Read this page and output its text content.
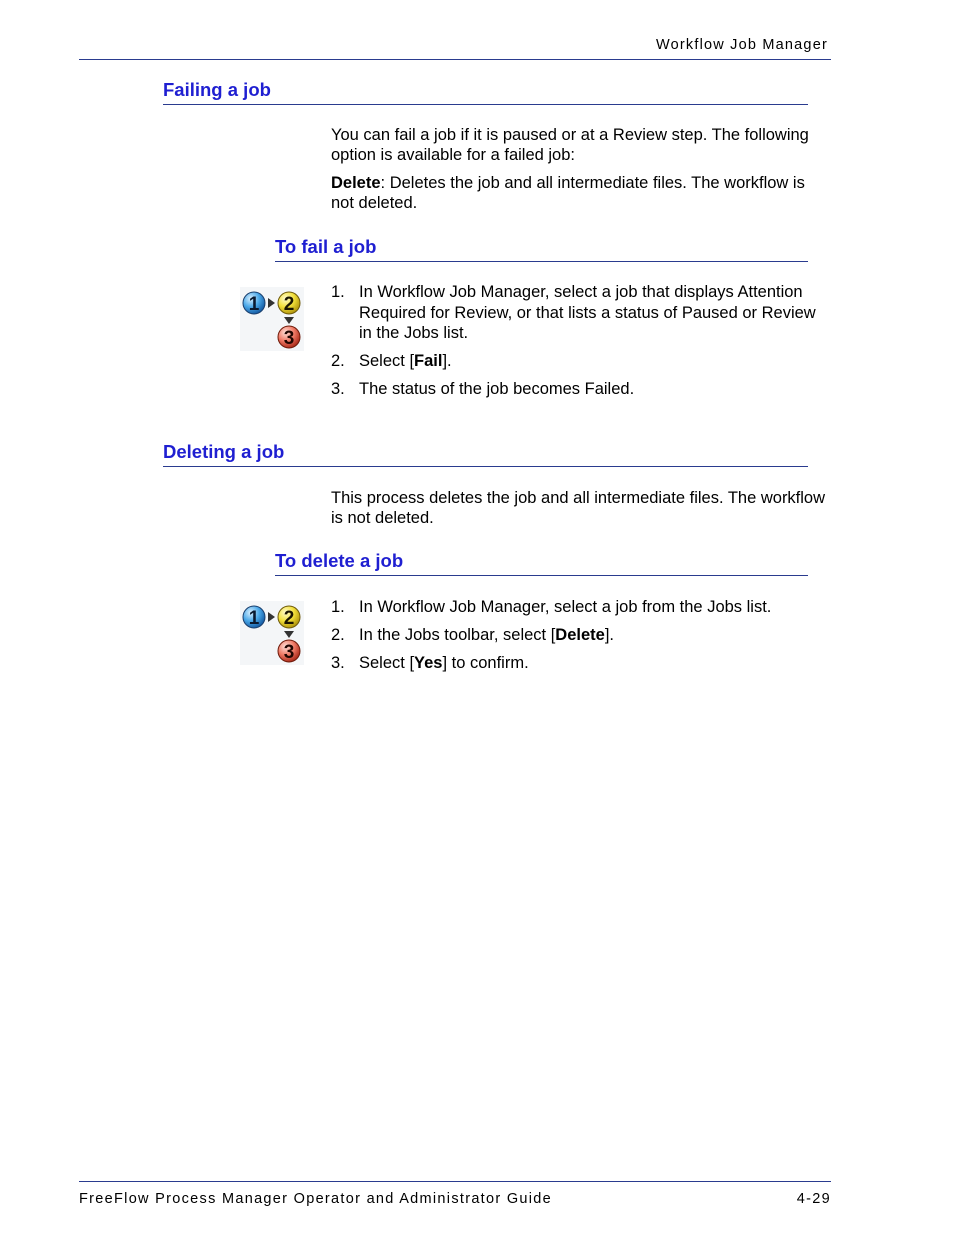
Workflow Job Manager
Failing a job

You can fail a job if it is paused or at a Review step. The following option is available for a failed job:

Delete: Deletes the job and all intermediate files. The workflow is not deleted.

To fail a job
1 2
3
1. In Workflow Job Manager, select a job that displays Attention Required for Review, or that lists a status of Paused or Review in the Jobs list.
2. Select [Fail].
3. The status of the job becomes Failed.
Deleting a job

This process deletes the job and all intermediate files. The workflow is not deleted.

To delete a job
1 2
3
1. In Workflow Job Manager, select a job from the Jobs list.
2. In the Jobs toolbar, select [Delete].
3. Select [Yes] to confirm.
FreeFlow Process Manager Operator and Administrator Guide	4-29
